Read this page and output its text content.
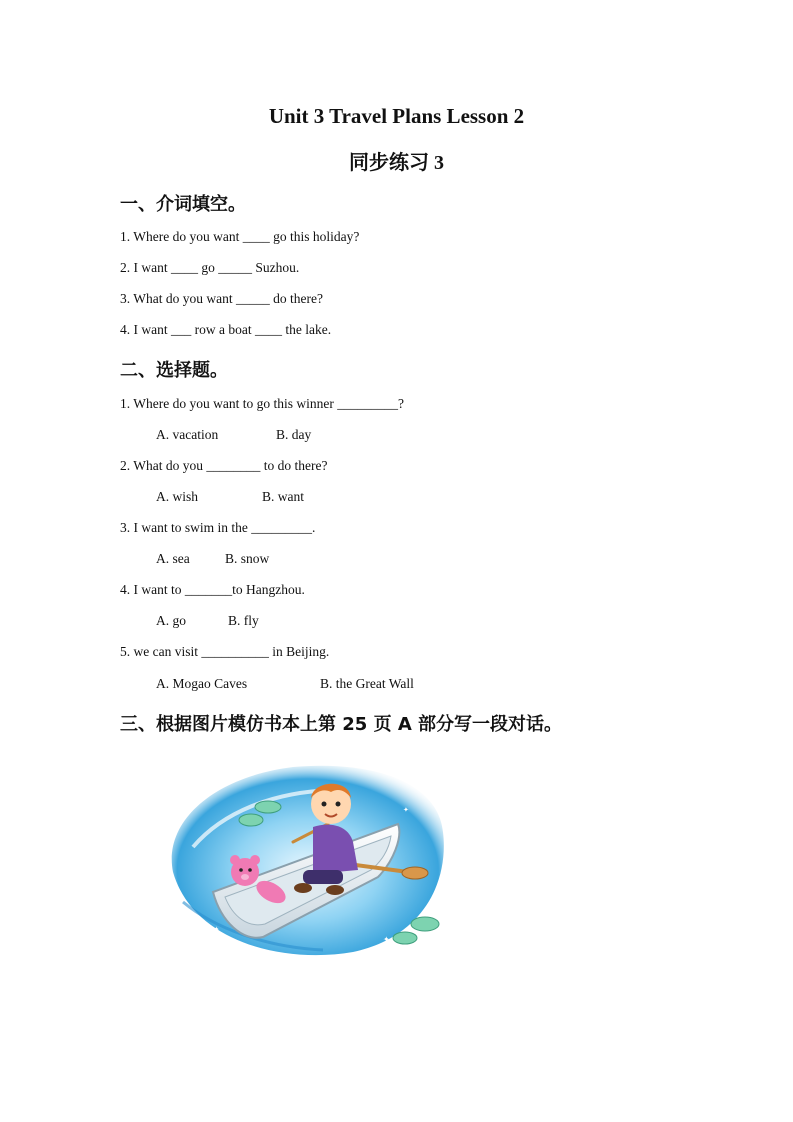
Unit 3 Travel Plans Lesson 2
同步练习 3
一、介词填空。

1. Where do you want ____ go this holiday?

2. I want ____ go _____ Suzhou.

3. What do you want _____ do there?

4. I want ___ row a boat ____ the lake.

二、选择题。

1. Where do you want to go this winner _________?

A. vacation	B. day

2. What do you ________ to do there?

A. wish	B. want

3. I want to swim in the _________.

A. sea	B. snow

4. I want to _______to Hangzhou.

A. go	B. fly

5. we can visit __________ in Beijing.

A. Mogao Caves	B. the Great Wall

三、根据图片模仿书本上第 25 页 A 部分写一段对话。
✦
✦
✦
